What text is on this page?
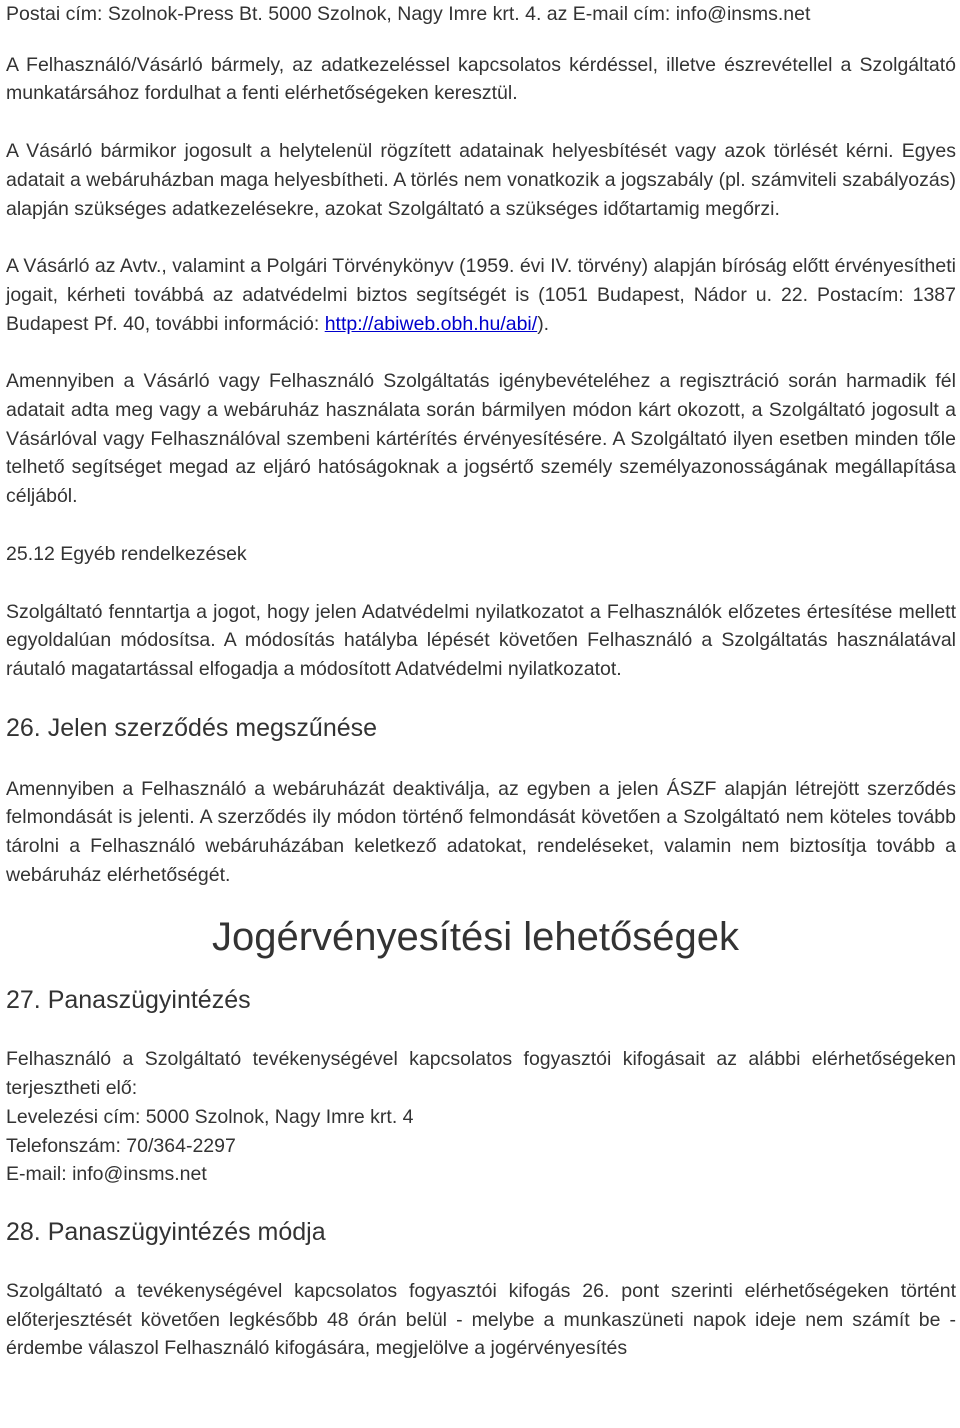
Postai cím: Szolnok-Press Bt. 5000 Szolnok, Nagy Imre krt. 4. az E-mail cím: info@insms.net

A Felhasználó/Vásárló bármely, az adatkezeléssel kapcsolatos kérdéssel, illetve észrevétellel a Szolgáltató munkatársához fordulhat a fenti elérhetőségeken keresztül.

A Vásárló bármikor jogosult a helytelenül rögzített adatainak helyesbítését vagy azok törlését kérni. Egyes adatait a webáruházban maga helyesbítheti. A törlés nem vonatkozik a jogszabály (pl. számviteli szabályozás) alapján szükséges adatkezelésekre, azokat Szolgáltató a szükséges időtartamig megőrzi.

A Vásárló az Avtv., valamint a Polgári Törvénykönyv (1959. évi IV. törvény) alapján bíróság előtt érvényesítheti jogait, kérheti továbbá az adatvédelmi biztos segítségét is (1051 Budapest, Nádor u. 22. Postacím: 1387 Budapest Pf. 40, további információ: http://abiweb.obh.hu/abi/).

Amennyiben a Vásárló vagy Felhasználó Szolgáltatás igénybevételéhez a regisztráció során harmadik fél adatait adta meg vagy a webáruház használata során bármilyen módon kárt okozott, a Szolgáltató jogosult a Vásárlóval vagy Felhasználóval szembeni kártérítés érvényesítésére. A Szolgáltató ilyen esetben minden tőle telhető segítséget megad az eljáró hatóságoknak a jogsértő személy személyazonosságának megállapítása céljából.

25.12 Egyéb rendelkezések

Szolgáltató fenntartja a jogot, hogy jelen Adatvédelmi nyilatkozatot a Felhasználók előzetes értesítése mellett egyoldalúan módosítsa. A módosítás hatályba lépését követően Felhasználó a Szolgáltatás használatával ráutaló magatartással elfogadja a módosított Adatvédelmi nyilatkozatot.

26. Jelen szerződés megszűnése

Amennyiben a Felhasználó a webáruházát deaktiválja, az egyben a jelen ÁSZF alapján létrejött szerződés felmondását is jelenti. A szerződés ily módon történő felmondását követően a Szolgáltató nem köteles tovább tárolni a Felhasználó webáruházában keletkező adatokat, rendeléseket, valamin nem biztosítja tovább a webáruház elérhetőségét.

Jogérvényesítési lehetőségek
27. Panaszügyintézés

Felhasználó a Szolgáltató tevékenységével kapcsolatos fogyasztói kifogásait az alábbi elérhetőségeken terjesztheti elő:

Levelezési cím: 5000 Szolnok, Nagy Imre krt. 4

Telefonszám: 70/364-2297

E-mail: info@insms.net

28. Panaszügyintézés módja

Szolgáltató a tevékenységével kapcsolatos fogyasztói kifogás 26. pont szerinti elérhetőségeken történt előterjesztését követően legkésőbb 48 órán belül - melybe a munkaszüneti napok ideje nem számít be - érdembe válaszol Felhasználó kifogására, megjelölve a jogérvényesítés
